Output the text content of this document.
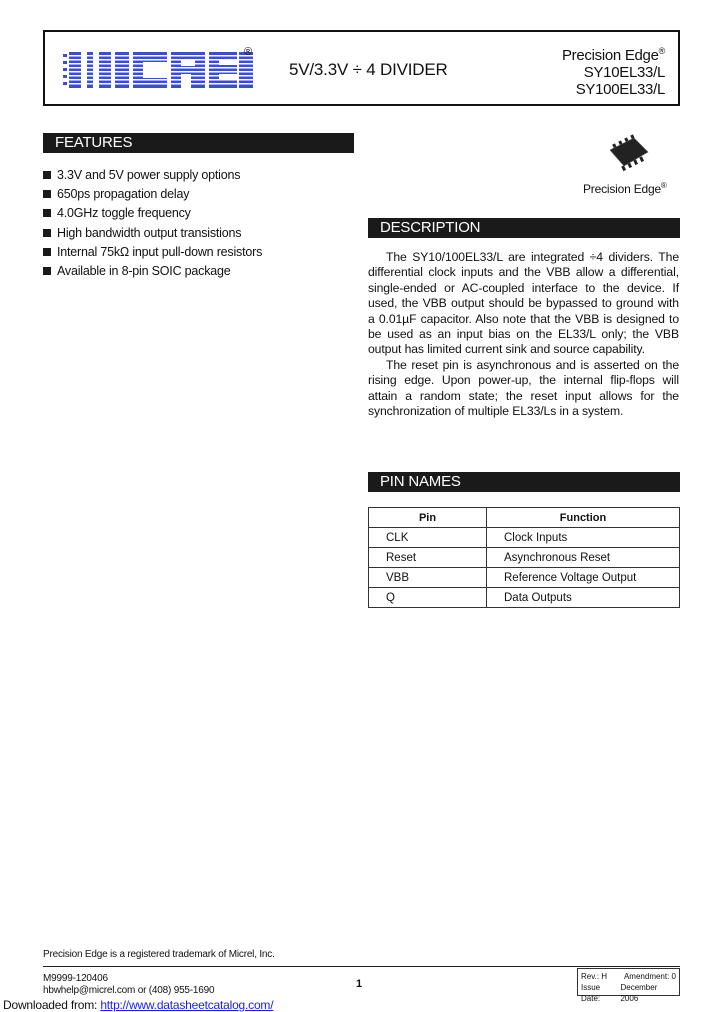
®
5V/3.3V ÷ 4 DIVIDER
Precision Edge®
SY10EL33/L
SY100EL33/L
FEATURES
3.3V and 5V power supply options
650ps propagation delay
4.0GHz toggle frequency
High bandwidth output transistions
Internal 75kΩ input pull-down resistors
Available in 8-pin SOIC package
Precision Edge®
DESCRIPTION

The SY10/100EL33/L are integrated ÷4 dividers. The differential clock inputs and the VBB allow a differential, single-ended or AC-coupled interface to the device. If used, the VBB output should be bypassed to ground with a 0.01µF capacitor. Also note that the VBB is designed to be used as an input bias on the EL33/L only; the VBB output has limited current sink and source capability.

The reset pin is asynchronous and is asserted on the rising edge. Upon power-up, the internal flip-flops will attain a random state; the reset input allows for the synchronization of multiple EL33/Ls in a system.

PIN NAMES
Pin	Function
CLK	Clock Inputs
Reset	Asynchronous Reset
VBB	Reference Voltage Output
Q	Data Outputs
Precision Edge is a registered trademark of Micrel, Inc.
M9999-120406
hbwhelp@micrel.com or (408) 955-1690
1
Rev.: H Amendment: 0
Issue Date:
December 2006
Downloaded from: http://www.datasheetcatalog.com/
